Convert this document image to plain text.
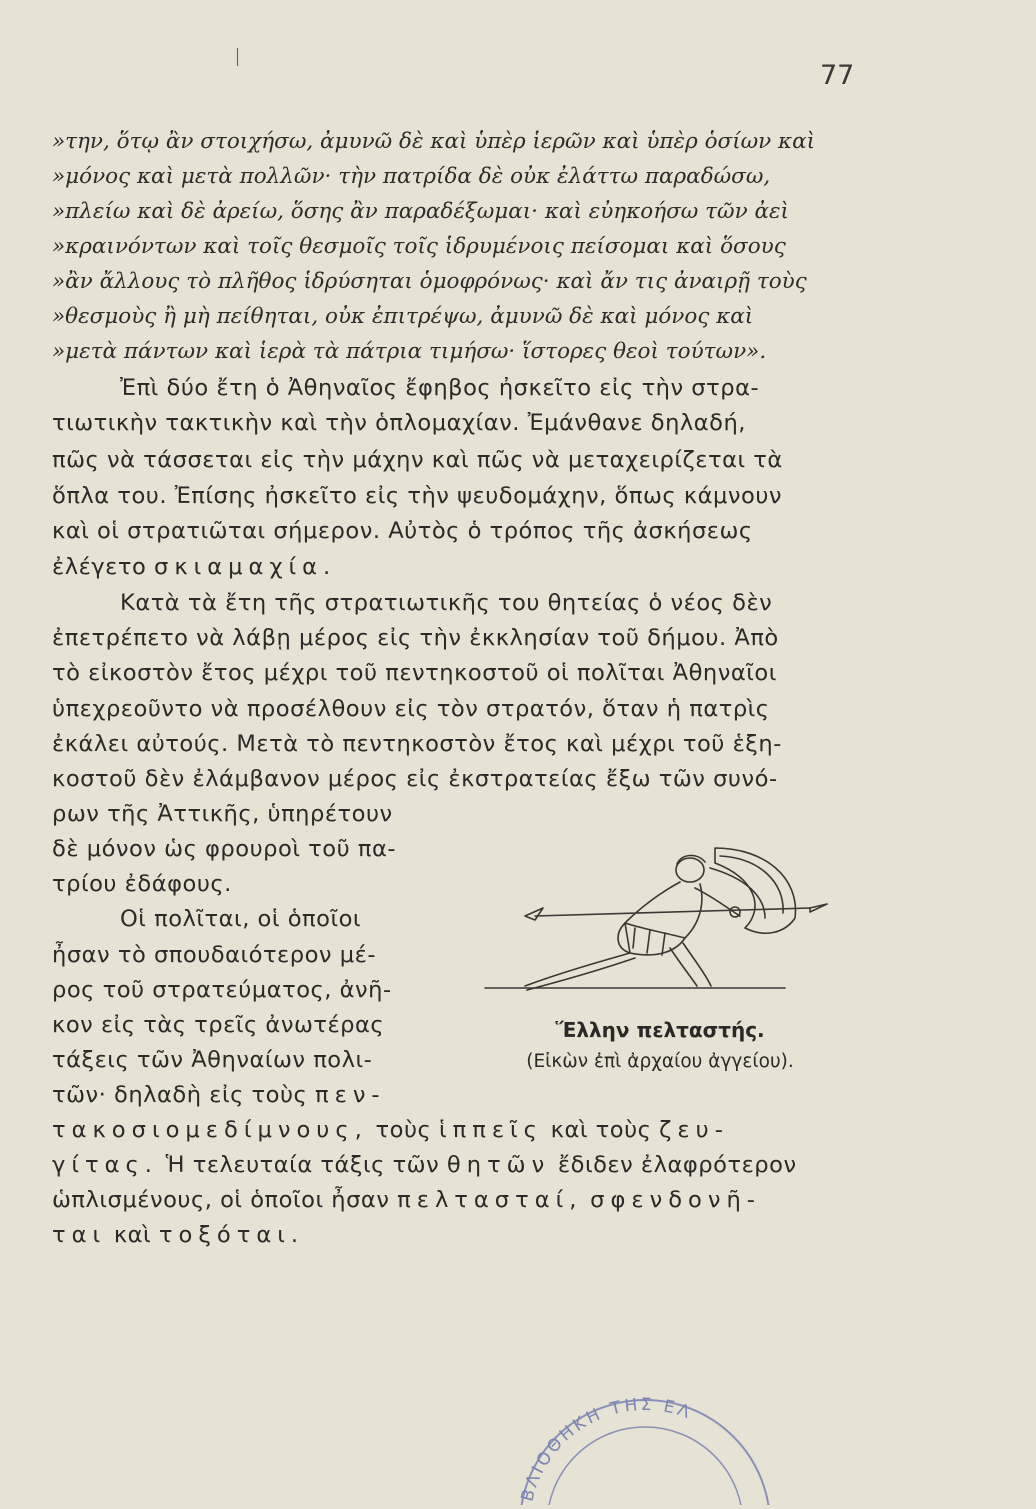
77
»την, ὅτῳ ἂν στοιχήσω, ἀμυνῶ δὲ καὶ ὑπὲρ ἱερῶν καὶ ὑπὲρ ὁσίων καὶ
»μόνος καὶ μετὰ πολλῶν· τὴν πατρίδα δὲ οὐκ ἐλάττω παραδώσω,
»πλείω καὶ δὲ ἀρείω, ὅσης ἂν παραδέξωμαι· καὶ εὐηκοήσω τῶν ἀεὶ
»κραινόντων καὶ τοῖς θεσμοῖς τοῖς ἱδρυμένοις πείσομαι καὶ ὅσους
»ἂν ἄλλους τὸ πλῆθος ἱδρύσηται ὁμοφρόνως· καὶ ἄν τις ἀναιρῇ τοὺς
»θεσμοὺς ἢ μὴ πείθηται, οὐκ ἐπιτρέψω, ἀμυνῶ δὲ καὶ μόνος καὶ
»μετὰ πάντων καὶ ἱερὰ τὰ πάτρια τιμήσω· ἵστορες θεοὶ τούτων».
Ἐπὶ δύο ἔτη ὁ Ἀθηναῖος ἔφηβος ἠσκεῖτο εἰς τὴν στρα-
τιωτικὴν τακτικὴν καὶ τὴν ὁπλομαχίαν. Ἐμάνθανε δηλαδή,
πῶς νὰ τάσσεται εἰς τὴν μάχην καὶ πῶς νὰ μεταχειρίζεται τὰ
ὅπλα του. Ἐπίσης ἠσκεῖτο εἰς τὴν ψευδομάχην, ὅπως κάμνουν
καὶ οἱ στρατιῶται σήμερον. Αὐτὸς ὁ τρόπος τῆς ἀσκήσεως
ἐλέγετο σκιαμαχία.
Κατὰ τὰ ἔτη τῆς στρατιωτικῆς του θητείας ὁ νέος δὲν
ἐπετρέπετο νὰ λάβῃ μέρος εἰς τὴν ἐκκλησίαν τοῦ δήμου. Ἀπὸ
τὸ εἰκοστὸν ἔτος μέχρι τοῦ πεντηκοστοῦ οἱ πολῖται Ἀθηναῖοι
ὑπεχρεοῦντο νὰ προσέλθουν εἰς τὸν στρατόν, ὅταν ἡ πατρὶς
ἐκάλει αὐτούς. Μετὰ τὸ πεντηκοστὸν ἔτος καὶ μέχρι τοῦ ἑξη-
κοστοῦ δὲν ἐλάμβανον μέρος εἰς ἐκστρατείας ἔξω τῶν συνό-
ρων τῆς Ἀττικῆς, ὑπηρέτουν
δὲ μόνον ὡς φρουροὶ τοῦ πα-
τρίου ἐδάφους.
Οἱ πολῖται, οἱ ὁποῖοι
ἦσαν τὸ σπουδαιότερον μέ-
ρος τοῦ στρατεύματος, ἀνῆ-
κον εἰς τὰς τρεῖς ἀνωτέρας
τάξεις τῶν Ἀθηναίων πολι-
τῶν· δηλαδὴ εἰς τοὺς πεν-
τακοσιομεδίμνους, τοὺς ἱππεῖς καὶ τοὺς ζευ-
γίτας. Ἡ τελευταία τάξις τῶν θητῶν ἔδιδεν ἐλαφρότερον
ὡπλισμένους, οἱ ὁποῖοι ἦσαν πελτασταί, σφενδονῆ-
ται καὶ τοξόται.
Ἕλλην πελταστής.
(Εἰκὼν ἐπὶ ἀρχαίου ἀγγείου).
ΒΛΙΟΘΗΚΗ ΤΗΣ ΕΛ
